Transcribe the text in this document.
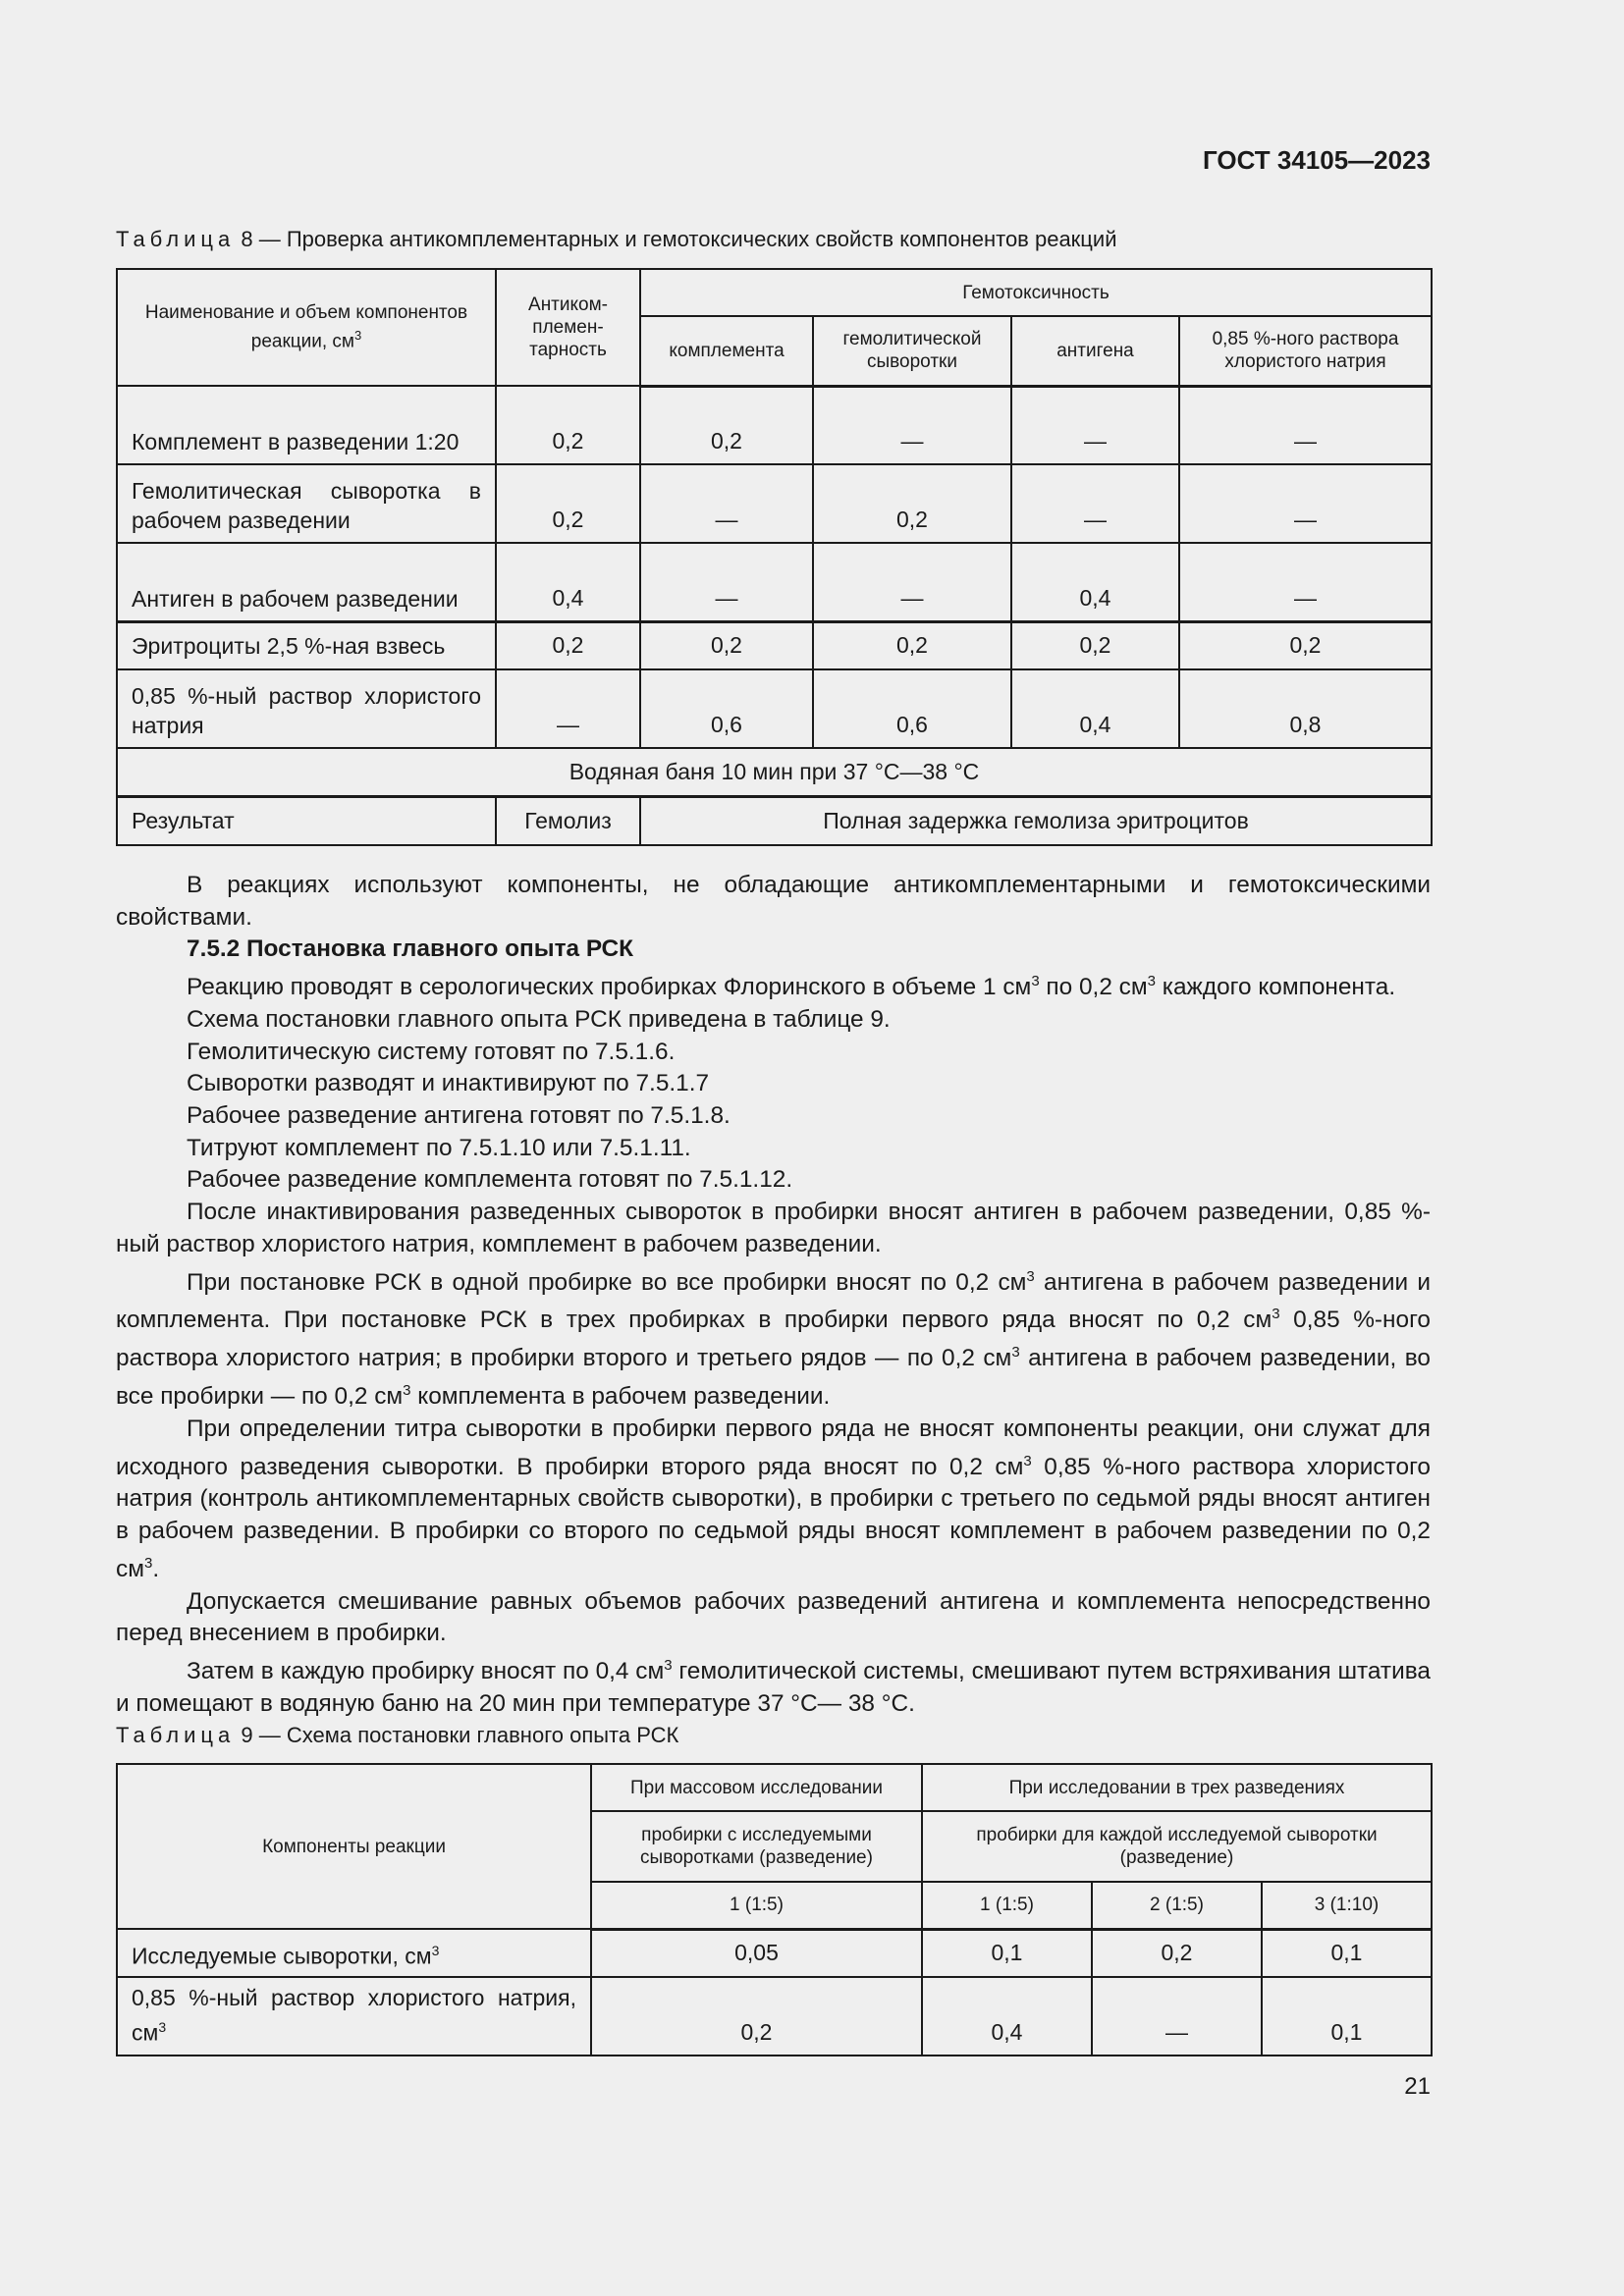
ГОСТ 34105—2023
Таблица 8 — Проверка антикомплементарных и гемотоксических свойств компонентов реакций
Наименование и объем компонентов реакции, $см^3$	Антиком-племен-тарность	Гемотоксичность			
		комплемента	гемолитической сыворотки	антигена	0,85 %-ного раствора хлористого натрия
Комплемент в разведении 1:20	0,2	0,2	—	—	—
Гемолитическая сыворотка в рабочем разведении	0,2	—	0,2	—	—
Антиген в рабочем разведении	0,4	—	—	0,4	—
Эритроциты 2,5 %-ная взвесь	0,2	0,2	0,2	0,2	0,2
0,85 %-ный раствор хлористого натрия	—	0,6	0,6	0,4	0,8
Водяная баня 10 мин при 37 °С—38 °С					
Результат	Гемолиз	Полная задержка гемолиза эритроцитов			

В реакциях используют компоненты, не обладающие антикомплементарными и гемотоксическими свойствами.

7.5.2 Постановка главного опыта РСК

Реакцию проводят в серологических пробирках Флоринского в объеме 1 $см^3$ по 0,2 $см^3$ каждого компонента.

Схема постановки главного опыта РСК приведена в таблице 9.

Гемолитическую систему готовят по 7.5.1.6.

Сыворотки разводят и инактивируют по 7.5.1.7

Рабочее разведение антигена готовят по 7.5.1.8.

Титруют комплемент по 7.5.1.10 или 7.5.1.11.

Рабочее разведение комплемента готовят по 7.5.1.12.

После инактивирования разведенных сывороток в пробирки вносят антиген в рабочем разведении, 0,85 %-ный раствор хлористого натрия, комплемент в рабочем разведении.

При постановке РСК в одной пробирке во все пробирки вносят по 0,2 $см^3$ антигена в рабочем разведении и комплемента. При постановке РСК в трех пробирках в пробирки первого ряда вносят по 0,2 $см^3$ 0,85 %-ного раствора хлористого натрия; в пробирки второго и третьего рядов — по 0,2 $см^3$ антигена в рабочем разведении, во все пробирки — по 0,2 $см^3$ комплемента в рабочем разведении.

При определении титра сыворотки в пробирки первого ряда не вносят компоненты реакции, они служат для исходного разведения сыворотки. В пробирки второго ряда вносят по 0,2 $см^3$ 0,85 %-ного раствора хлористого натрия (контроль антикомплементарных свойств сыворотки), в пробирки с третьего по седьмой ряды вносят антиген в рабочем разведении. В пробирки со второго по седьмой ряды вносят комплемент в рабочем разведении по 0,2 $см^3$.

Допускается смешивание равных объемов рабочих разведений антигена и комплемента непосредственно перед внесением в пробирки.

Затем в каждую пробирку вносят по 0,4 $см^3$ гемолитической системы, смешивают путем встряхивания штатива и помещают в водяную баню на 20 мин при температуре 37 °С— 38 °С.

Таблица 9 — Схема постановки главного опыта РСК
Компоненты реакции	При массовом исследовании	При исследовании в трех разведениях		
	пробирки с исследуемыми сыворотками (разведение)	пробирки для каждой исследуемой сыворотки (разведение)		
	1 (1:5)	1 (1:5)	2 (1:5)	3 (1:10)
Исследуемые сыворотки, $см^3$	0,05	0,1	0,2	0,1
0,85 %-ный раствор хлористого натрия, $см^3$	0,2	0,4	—	0,1
21
